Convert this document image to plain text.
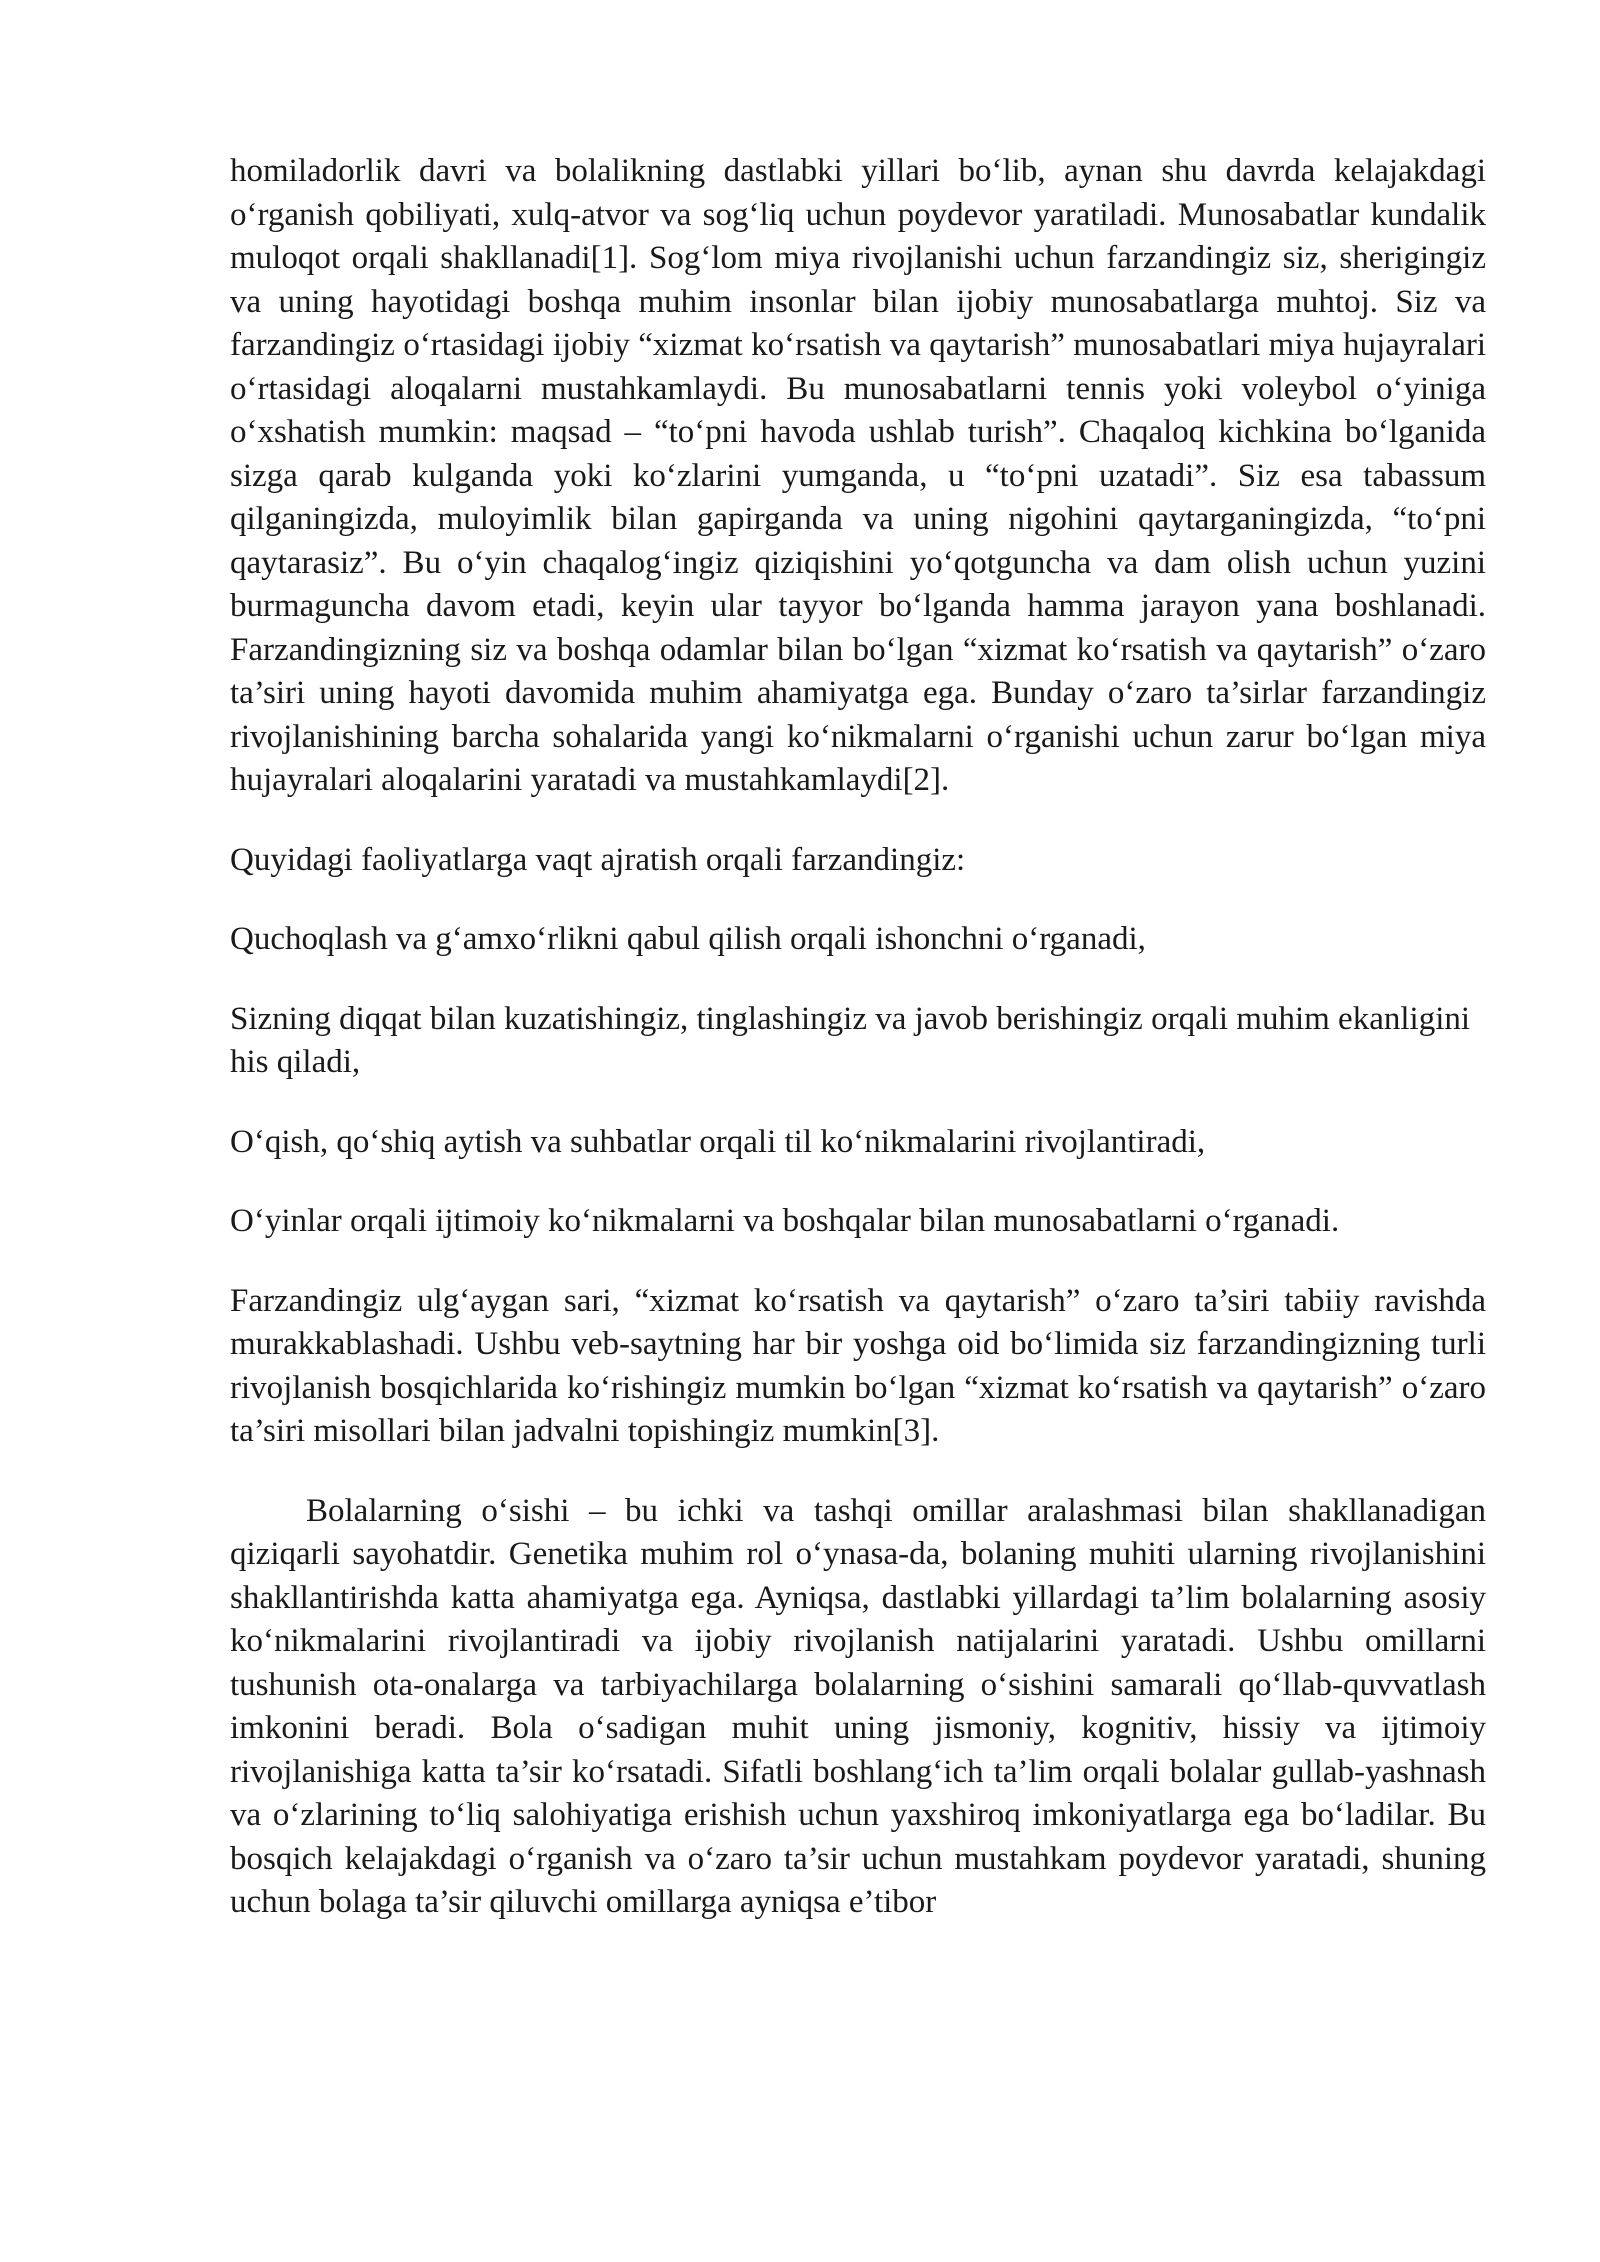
homiladorlik davri va bolalikning dastlabki yillari bo‘lib, aynan shu davrda kelajakdagi o‘rganish qobiliyati, xulq-atvor va sog‘liq uchun poydevor yaratiladi. Munosabatlar kundalik muloqot orqali shakllanadi[1]. Sog‘lom miya rivojlanishi uchun farzandingiz siz, sherigingiz va uning hayotidagi boshqa muhim insonlar bilan ijobiy munosabatlarga muhtoj. Siz va farzandingiz o‘rtasidagi ijobiy “xizmat ko‘rsatish va qaytarish” munosabatlari miya hujayralari o‘rtasidagi aloqalarni mustahkamlaydi. Bu munosabatlarni tennis yoki voleybol o‘yiniga o‘xshatish mumkin: maqsad – “to‘pni havoda ushlab turish”. Chaqaloq kichkina bo‘lganida sizga qarab kulganda yoki ko‘zlarini yumganda, u “to‘pni uzatadi”. Siz esa tabassum qilganingizda, muloyimlik bilan gapirganda va uning nigohini qaytarganingizda, “to‘pni qaytarasiz”. Bu o‘yin chaqalog‘ingiz qiziqishini yo‘qotguncha va dam olish uchun yuzini burmaguncha davom etadi, keyin ular tayyor bo‘lganda hamma jarayon yana boshlanadi. Farzandingizning siz va boshqa odamlar bilan bo‘lgan “xizmat ko‘rsatish va qaytarish” o‘zaro ta’siri uning hayoti davomida muhim ahamiyatga ega. Bunday o‘zaro ta’sirlar farzandingiz rivojlanishining barcha sohalarida yangi ko‘nikmalarni o‘rganishi uchun zarur bo‘lgan miya hujayralari aloqalarini yaratadi va mustahkamlaydi[2].

Quyidagi faoliyatlarga vaqt ajratish orqali farzandingiz:

Quchoqlash va g‘amxo‘rlikni qabul qilish orqali ishonchni o‘rganadi,

Sizning diqqat bilan kuzatishingiz, tinglashingiz va javob berishingiz orqali muhim ekanligini his qiladi,

O‘qish, qo‘shiq aytish va suhbatlar orqali til ko‘nikmalarini rivojlantiradi,

O‘yinlar orqali ijtimoiy ko‘nikmalarni va boshqalar bilan munosabatlarni o‘rganadi.

Farzandingiz ulg‘aygan sari, “xizmat ko‘rsatish va qaytarish” o‘zaro ta’siri tabiiy ravishda murakkablashadi. Ushbu veb-saytning har bir yoshga oid bo‘limida siz farzandingizning turli rivojlanish bosqichlarida ko‘rishingiz mumkin bo‘lgan “xizmat ko‘rsatish va qaytarish” o‘zaro ta’siri misollari bilan jadvalni topishingiz mumkin[3].

Bolalarning o‘sishi – bu ichki va tashqi omillar aralashmasi bilan shakllanadigan qiziqarli sayohatdir. Genetika muhim rol o‘ynasa-da, bolaning muhiti ularning rivojlanishini shakllantirishda katta ahamiyatga ega. Ayniqsa, dastlabki yillardagi ta’lim bolalarning asosiy ko‘nikmalarini rivojlantiradi va ijobiy rivojlanish natijalarini yaratadi. Ushbu omillarni tushunish ota-onalarga va tarbiyachilarga bolalarning o‘sishini samarali qo‘llab-quvvatlash imkonini beradi. Bola o‘sadigan muhit uning jismoniy, kognitiv, hissiy va ijtimoiy rivojlanishiga katta ta’sir ko‘rsatadi. Sifatli boshlang‘ich ta’lim orqali bolalar gullab-yashnash va o‘zlarining to‘liq salohiyatiga erishish uchun yaxshiroq imkoniyatlarga ega bo‘ladilar. Bu bosqich kelajakdagi o‘rganish va o‘zaro ta’sir uchun mustahkam poydevor yaratadi, shuning uchun bolaga ta’sir qiluvchi omillarga ayniqsa e’tibor
